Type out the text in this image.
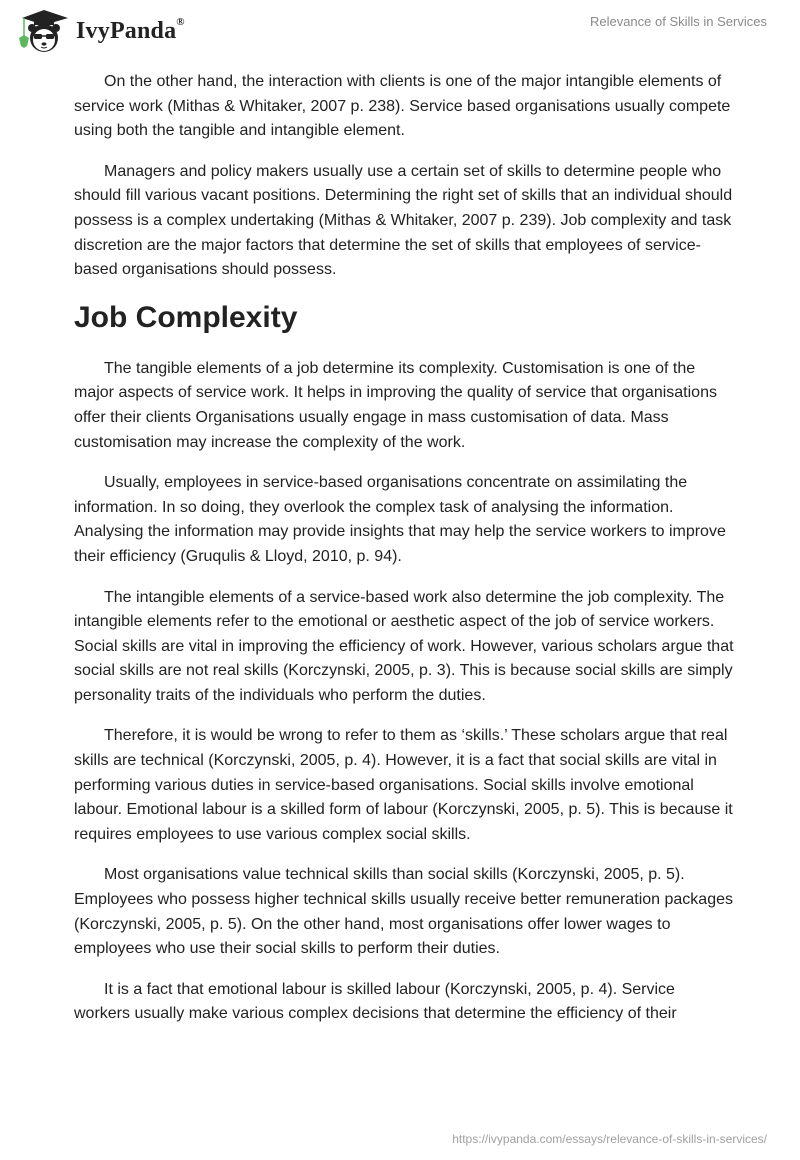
IvyPanda®	Relevance of Skills in Services

On the other hand, the interaction with clients is one of the major intangible elements of service work (Mithas & Whitaker, 2007 p. 238). Service based organisations usually compete using both the tangible and intangible element.

Managers and policy makers usually use a certain set of skills to determine people who should fill various vacant positions. Determining the right set of skills that an individual should possess is a complex undertaking (Mithas & Whitaker, 2007 p. 239). Job complexity and task discretion are the major factors that determine the set of skills that employees of service-based organisations should possess.

Job Complexity

The tangible elements of a job determine its complexity. Customisation is one of the major aspects of service work. It helps in improving the quality of service that organisations offer their clients Organisations usually engage in mass customisation of data. Mass customisation may increase the complexity of the work.

Usually, employees in service-based organisations concentrate on assimilating the information. In so doing, they overlook the complex task of analysing the information. Analysing the information may provide insights that may help the service workers to improve their efficiency (Gruqulis & Lloyd, 2010, p. 94).

The intangible elements of a service-based work also determine the job complexity. The intangible elements refer to the emotional or aesthetic aspect of the job of service workers. Social skills are vital in improving the efficiency of work. However, various scholars argue that social skills are not real skills (Korczynski, 2005, p. 3). This is because social skills are simply personality traits of the individuals who perform the duties.

Therefore, it is would be wrong to refer to them as ‘skills.’ These scholars argue that real skills are technical (Korczynski, 2005, p. 4). However, it is a fact that social skills are vital in performing various duties in service-based organisations. Social skills involve emotional labour. Emotional labour is a skilled form of labour (Korczynski, 2005, p. 5). This is because it requires employees to use various complex social skills.

Most organisations value technical skills than social skills (Korczynski, 2005, p. 5). Employees who possess higher technical skills usually receive better remuneration packages (Korczynski, 2005, p. 5). On the other hand, most organisations offer lower wages to employees who use their social skills to perform their duties.

It is a fact that emotional labour is skilled labour (Korczynski, 2005, p. 4). Service workers usually make various complex decisions that determine the efficiency of their

https://ivypanda.com/essays/relevance-of-skills-in-services/
